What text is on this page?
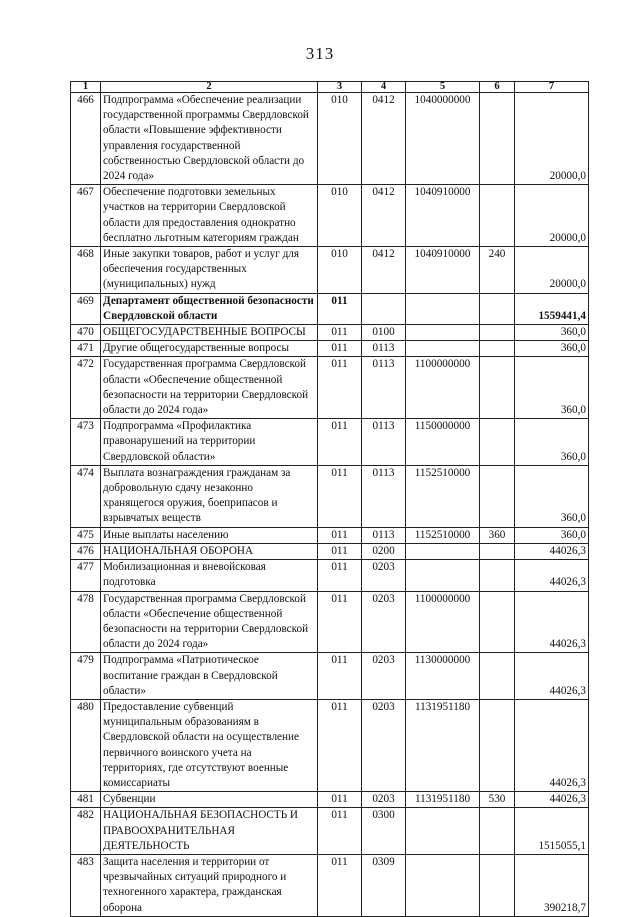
313
1	2	3	4	5	6	7
466	Подпрограмма «Обеспечение реализации государственной программы Свердловской области «Повышение эффективности управления государственной собственностью Свердловской области до 2024 года»	010	0412	1040000000		20000,0
467	Обеспечение подготовки земельных участков на территории Свердловской области для предоставления однократно бесплатно льготным категориям граждан	010	0412	1040910000		20000,0
468	Иные закупки товаров, работ и услуг для обеспечения государственных (муниципальных) нужд	010	0412	1040910000	240	20000,0
469	Департамент общественной безопасности Свердловской области	011				1559441,4
470	ОБЩЕГОСУДАРСТВЕННЫЕ ВОПРОСЫ	011	0100			360,0
471	Другие общегосударственные вопросы	011	0113			360,0
472	Государственная программа Свердловской области «Обеспечение общественной безопасности на территории Свердловской области до 2024 года»	011	0113	1100000000		360,0
473	Подпрограмма «Профилактика правонарушений на территории Свердловской области»	011	0113	1150000000		360,0
474	Выплата вознаграждения гражданам за добровольную сдачу незаконно хранящегося оружия, боеприпасов и взрывчатых веществ	011	0113	1152510000		360,0
475	Иные выплаты населению	011	0113	1152510000	360	360,0
476	НАЦИОНАЛЬНАЯ ОБОРОНА	011	0200			44026,3
477	Мобилизационная и вневойсковая подготовка	011	0203			44026,3
478	Государственная программа Свердловской области «Обеспечение общественной безопасности на территории Свердловской области до 2024 года»	011	0203	1100000000		44026,3
479	Подпрограмма «Патриотическое воспитание граждан в Свердловской области»	011	0203	1130000000		44026,3
480	Предоставление субвенций муниципальным образованиям в Свердловской области на осуществление первичного воинского учета на территориях, где отсутствуют военные комиссариаты	011	0203	1131951180		44026,3
481	Субвенции	011	0203	1131951180	530	44026,3
482	НАЦИОНАЛЬНАЯ БЕЗОПАСНОСТЬ И ПРАВООХРАНИТЕЛЬНАЯ ДЕЯТЕЛЬНОСТЬ	011	0300			1515055,1
483	Защита населения и территории от чрезвычайных ситуаций природного и техногенного характера, гражданская оборона	011	0309			390218,7
